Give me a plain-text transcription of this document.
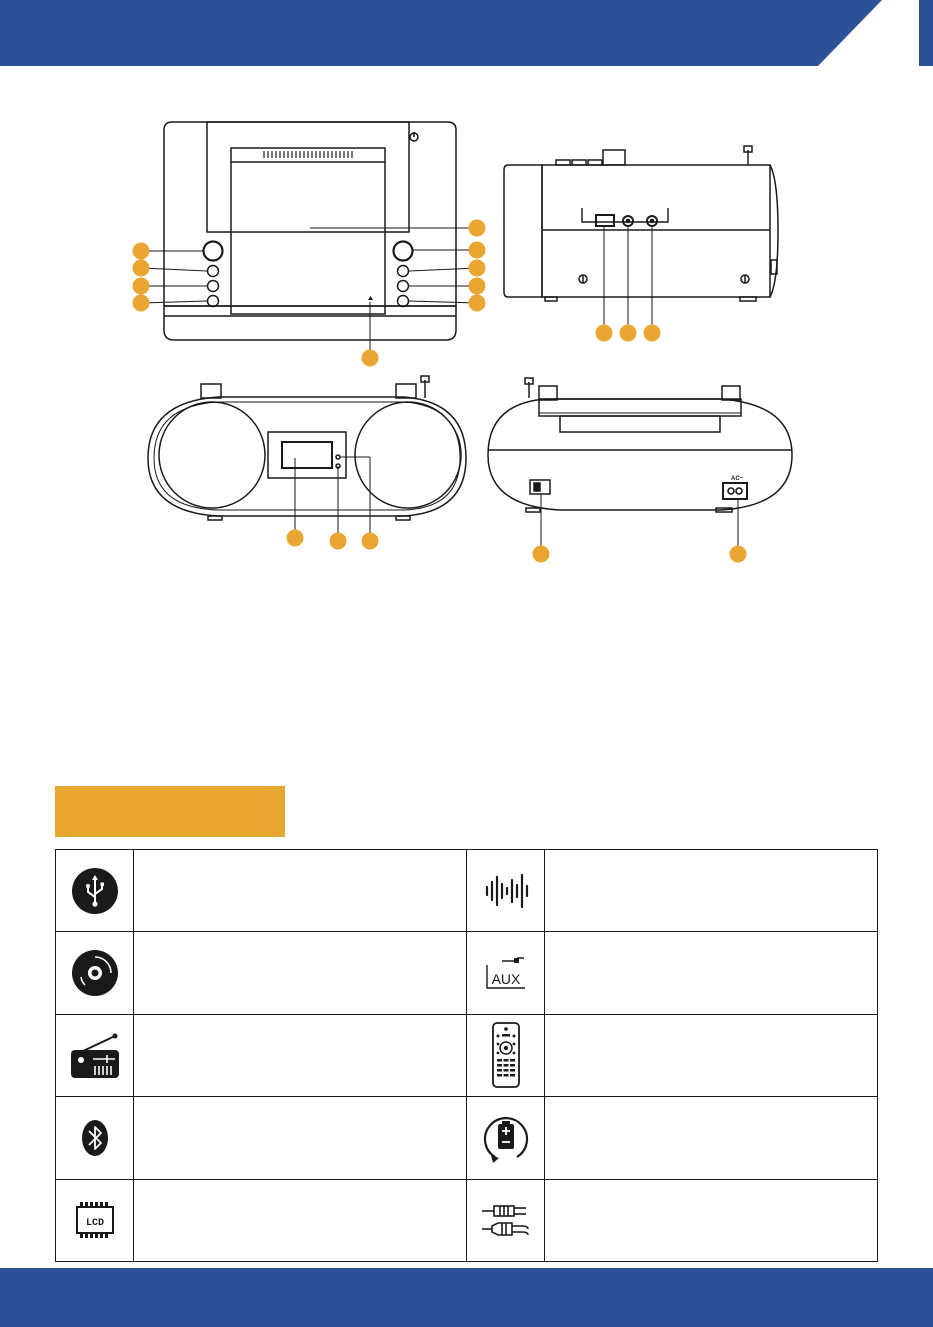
AC~

AUX	

LCD
